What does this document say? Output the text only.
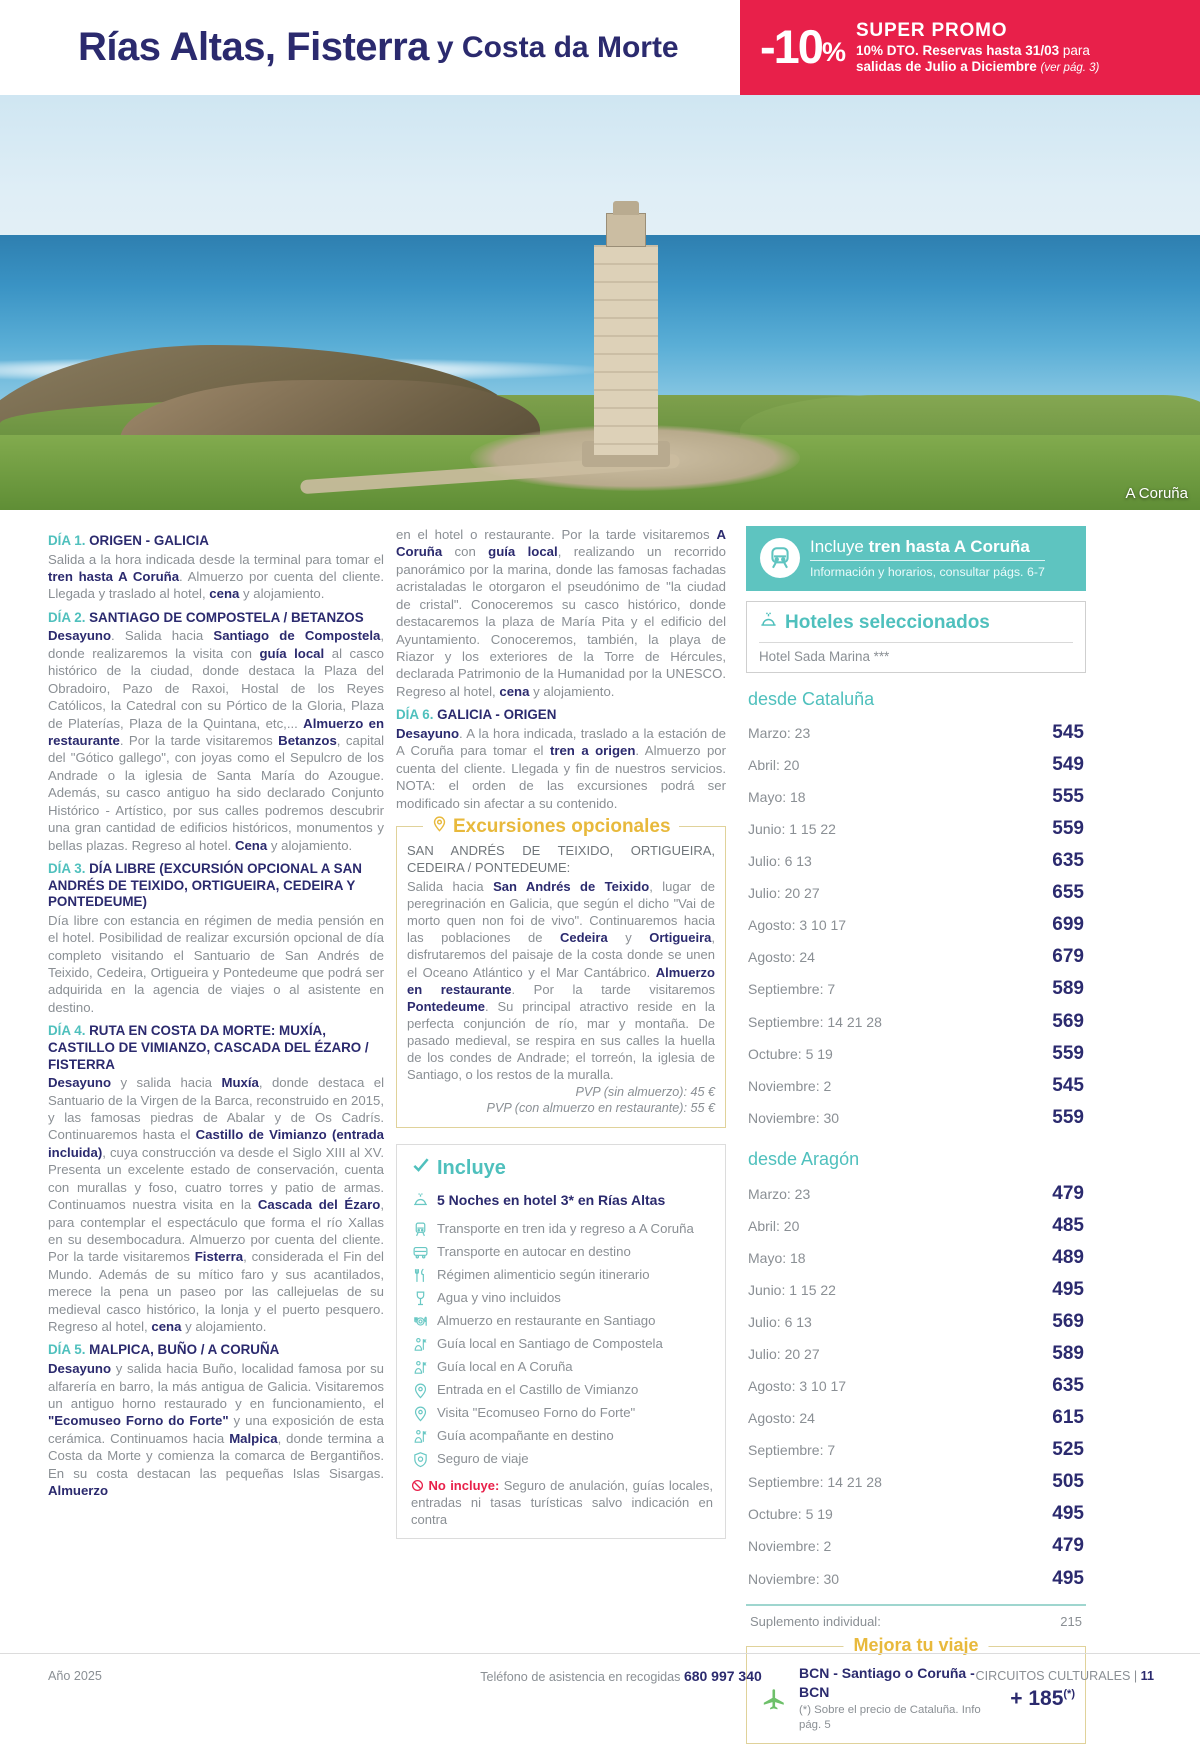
Rías Altas, Fisterra y Costa da Morte -10 %
SUPER PROMO
10% DTO. Reservas hasta 31/03 para
salidas de Julio a Diciembre (ver pág. 3)
A Coruña
DÍA 1. ORIGEN - GALICIA

Salida a la hora indicada desde la terminal para tomar el tren hasta A Coruña. Almuerzo por cuenta del cliente. Llegada y traslado al hotel, cena y alojamiento.

DÍA 2. SANTIAGO DE COMPOSTELA / BETANZOS

Desayuno. Salida hacia Santiago de Compostela, donde realizaremos la visita con guía local al casco histórico de la ciudad, donde destaca la Plaza del Obradoiro, Pazo de Raxoi, Hostal de los Reyes Católicos, la Catedral con su Pórtico de la Gloria, Plaza de Platerías, Plaza de la Quintana, etc,... Almuerzo en restaurante. Por la tarde visitaremos Betanzos, capital del "Gótico gallego", con joyas como el Sepulcro de los Andrade o la iglesia de Santa María do Azougue. Además, su casco antiguo ha sido declarado Conjunto Histórico - Artístico, por sus calles podremos descubrir una gran cantidad de edificios históricos, monumentos y bellas plazas. Regreso al hotel. Cena y alojamiento.

DÍA 3. DÍA LIBRE (EXCURSIÓN OPCIONAL A SAN ANDRÉS DE TEIXIDO, ORTIGUEIRA, CEDEIRA Y PONTEDEUME)

Día libre con estancia en régimen de media pensión en el hotel. Posibilidad de realizar excursión opcional de día completo visitando el Santuario de San Andrés de Teixido, Cedeira, Ortigueira y Pontedeume que podrá ser adquirida en la agencia de viajes o al asistente en destino.

DÍA 4. RUTA EN COSTA DA MORTE: MUXÍA, CASTILLO DE VIMIANZO, CASCADA DEL ÉZARO / FISTERRA

Desayuno y salida hacia Muxía, donde destaca el Santuario de la Virgen de la Barca, reconstruido en 2015, y las famosas piedras de Abalar y de Os Cadrís. Continuaremos hasta el Castillo de Vimianzo (entrada incluida), cuya construcción va desde el Siglo XIII al XV. Presenta un excelente estado de conservación, cuenta con murallas y foso, cuatro torres y patio de armas. Continuamos nuestra visita en la Cascada del Ézaro, para contemplar el espectáculo que forma el río Xallas en su desembocadura. Almuerzo por cuenta del cliente. Por la tarde visitaremos Fisterra, considerada el Fin del Mundo. Además de su mítico faro y sus acantilados, merece la pena un paseo por las callejuelas de su medieval casco histórico, la lonja y el puerto pesquero. Regreso al hotel, cena y alojamiento.

DÍA 5. MALPICA, BUÑO / A CORUÑA

Desayuno y salida hacia Buño, localidad famosa por su alfarería en barro, la más antigua de Galicia. Visitaremos un antiguo horno restaurado y en funcionamiento, el "Ecomuseo Forno do Forte" y una exposición de esta cerámica. Continuamos hacia Malpica, donde termina a Costa da Morte y comienza la comarca de Bergantiños. En su costa destacan las pequeñas Islas Sisargas. Almuerzo

en el hotel o restaurante. Por la tarde visitaremos A Coruña con guía local, realizando un recorrido panorámico por la marina, donde las famosas fachadas acristaladas le otorgaron el pseudónimo de "la ciudad de cristal". Conoceremos su casco histórico, donde destacaremos la plaza de María Pita y el edificio del Ayuntamiento. Conoceremos, también, la playa de Riazor y los exteriores de la Torre de Hércules, declarada Patrimonio de la Humanidad por la UNESCO. Regreso al hotel, cena y alojamiento.

DÍA 6. GALICIA - ORIGEN

Desayuno. A la hora indicada, traslado a la estación de A Coruña para tomar el tren a origen. Almuerzo por cuenta del cliente. Llegada y fin de nuestros servicios. NOTA: el orden de las excursiones podrá ser modificado sin afectar a su contenido.

Excursiones opcionales
SAN ANDRÉS DE TEIXIDO, ORTIGUEIRA, CEDEIRA / PONTEDEUME:
Salida hacia San Andrés de Teixido, lugar de peregrinación en Galicia, que según el dicho "Vai de morto quen non foi de vivo". Continuaremos hacia las poblaciones de Cedeira y Ortigueira, disfrutaremos del paisaje de la costa donde se unen el Oceano Atlántico y el Mar Cantábrico. Almuerzo en restaurante. Por la tarde visitaremos Pontedeume. Su principal atractivo reside en la perfecta conjunción de río, mar y montaña. De pasado medieval, se respira en sus calles la huella de los condes de Andrade; el torreón, la iglesia de Santiago, o los restos de la muralla.
PVP (sin almuerzo): 45 €
PVP (con almuerzo en restaurante): 55 €
Incluye
5 Noches en hotel 3* en Rías Altas
Transporte en tren ida y regreso a A Coruña
Transporte en autocar en destino
Régimen alimenticio según itinerario
Agua y vino incluidos
Almuerzo en restaurante en Santiago
Guía local en Santiago de Compostela
Guía local en A Coruña
Entrada en el Castillo de Vimianzo
Visita "Ecomuseo Forno do Forte"
Guía acompañante en destino
Seguro de viaje
No incluye: Seguro de anulación, guías locales, entradas ni tasas turísticas salvo indicación en contra
Incluye tren hasta A Coruña
Información y horarios, consultar págs. 6-7
Hoteles seleccionados
Hotel Sada Marina ***
desde Cataluña
Marzo: 23	545
Abril: 20	549
Mayo: 18	555
Junio: 1 15 22	559
Julio: 6 13	635
Julio: 20 27	655
Agosto: 3 10 17	699
Agosto: 24	679
Septiembre: 7	589
Septiembre: 14 21 28	569
Octubre: 5 19	559
Noviembre: 2	545
Noviembre: 30	559
desde Aragón
Marzo: 23	479
Abril: 20	485
Mayo: 18	489
Junio: 1 15 22	495
Julio: 6 13	569
Julio: 20 27	589
Agosto: 3 10 17	635
Agosto: 24	615
Septiembre: 7	525
Septiembre: 14 21 28	505
Octubre: 5 19	495
Noviembre: 2	479
Noviembre: 30	495
Suplemento individual:	215
Mejora tu viaje
BCN - Santiago o Coruña - BCN
(*) Sobre el precio de Cataluña. Info pág. 5
+ 185(*)
Año 2025	Teléfono de asistencia en recogidas 680 997 340	CIRCUITOS CULTURALES | 11
